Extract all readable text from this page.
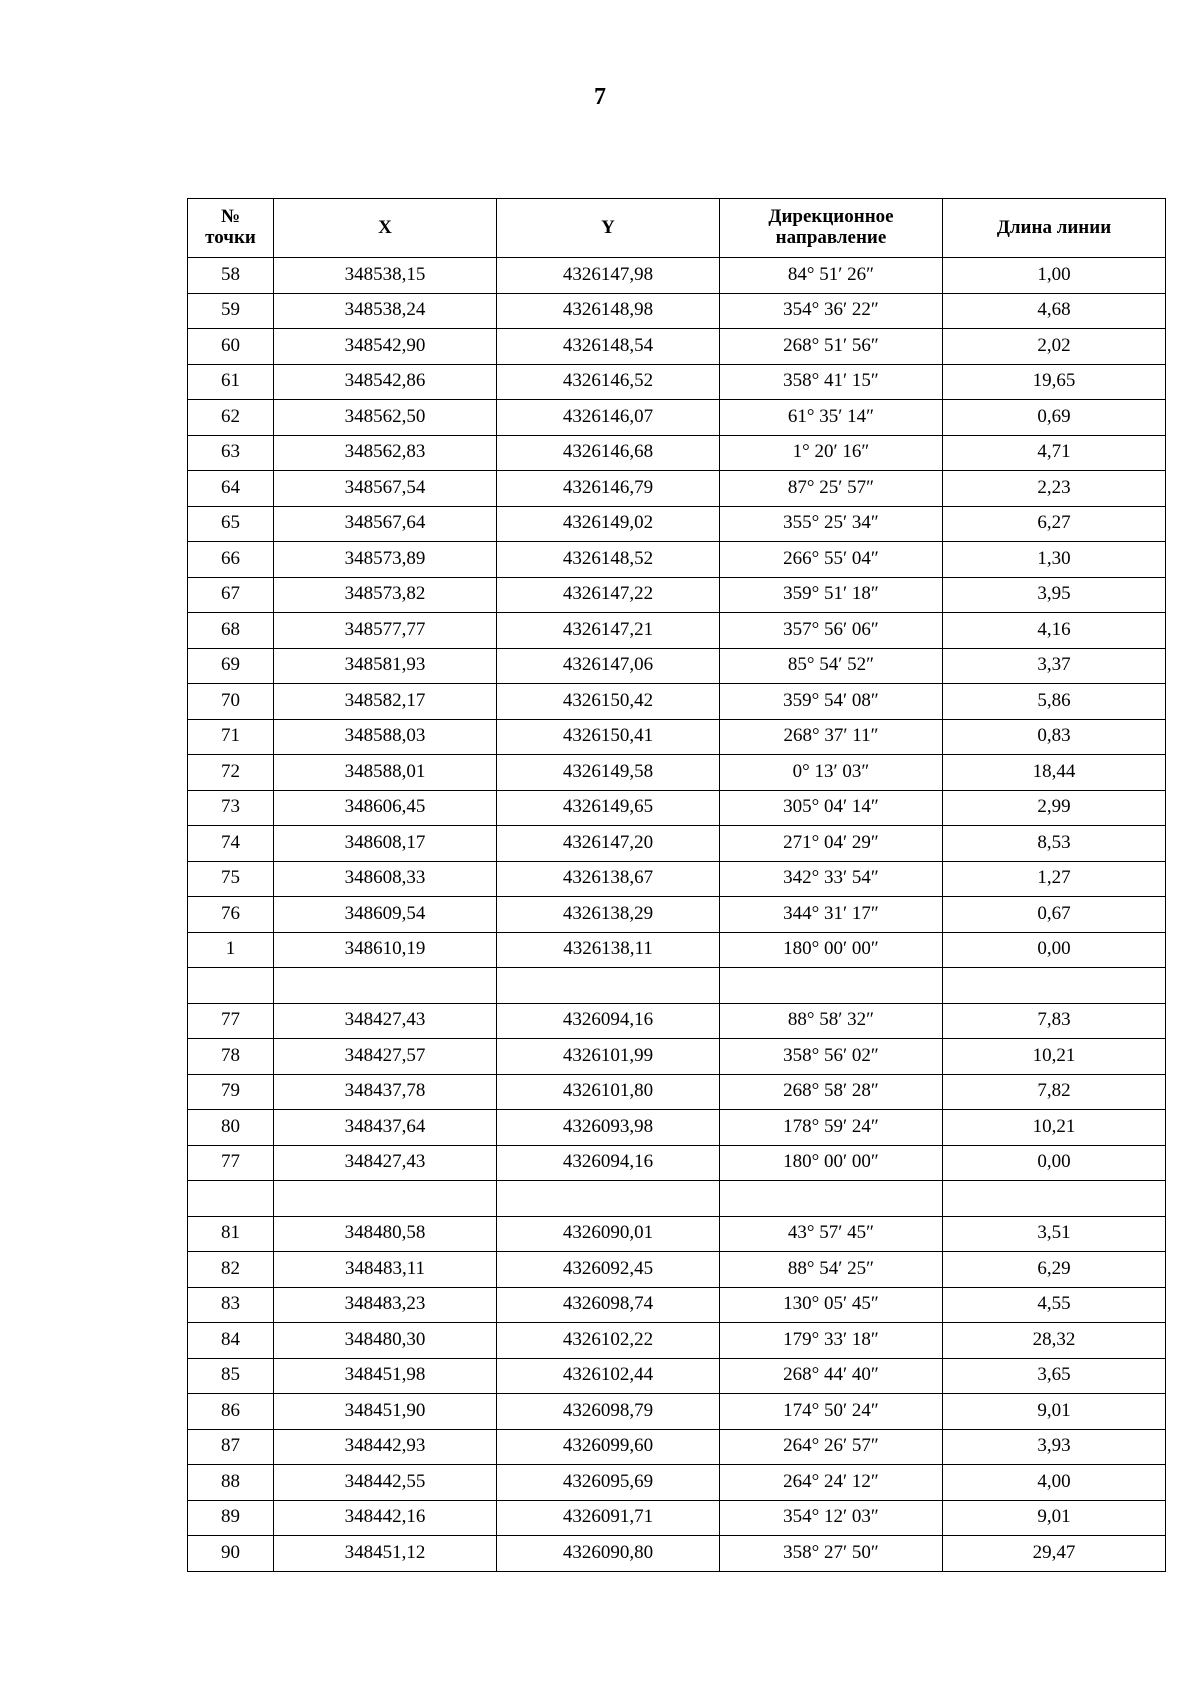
7
№ точки	X	Y	Дирекционное направление	Длина линии
58	348538,15	4326147,98	84° 51′ 26″	1,00
59	348538,24	4326148,98	354° 36′ 22″	4,68
60	348542,90	4326148,54	268° 51′ 56″	2,02
61	348542,86	4326146,52	358° 41′ 15″	19,65
62	348562,50	4326146,07	61° 35′ 14″	0,69
63	348562,83	4326146,68	1° 20′ 16″	4,71
64	348567,54	4326146,79	87° 25′ 57″	2,23
65	348567,64	4326149,02	355° 25′ 34″	6,27
66	348573,89	4326148,52	266° 55′ 04″	1,30
67	348573,82	4326147,22	359° 51′ 18″	3,95
68	348577,77	4326147,21	357° 56′ 06″	4,16
69	348581,93	4326147,06	85° 54′ 52″	3,37
70	348582,17	4326150,42	359° 54′ 08″	5,86
71	348588,03	4326150,41	268° 37′ 11″	0,83
72	348588,01	4326149,58	0° 13′ 03″	18,44
73	348606,45	4326149,65	305° 04′ 14″	2,99
74	348608,17	4326147,20	271° 04′ 29″	8,53
75	348608,33	4326138,67	342° 33′ 54″	1,27
76	348609,54	4326138,29	344° 31′ 17″	0,67
1	348610,19	4326138,11	180° 00′ 00″	0,00

77	348427,43	4326094,16	88° 58′ 32″	7,83
78	348427,57	4326101,99	358° 56′ 02″	10,21
79	348437,78	4326101,80	268° 58′ 28″	7,82
80	348437,64	4326093,98	178° 59′ 24″	10,21
77	348427,43	4326094,16	180° 00′ 00″	0,00

81	348480,58	4326090,01	43° 57′ 45″	3,51
82	348483,11	4326092,45	88° 54′ 25″	6,29
83	348483,23	4326098,74	130° 05′ 45″	4,55
84	348480,30	4326102,22	179° 33′ 18″	28,32
85	348451,98	4326102,44	268° 44′ 40″	3,65
86	348451,90	4326098,79	174° 50′ 24″	9,01
87	348442,93	4326099,60	264° 26′ 57″	3,93
88	348442,55	4326095,69	264° 24′ 12″	4,00
89	348442,16	4326091,71	354° 12′ 03″	9,01
90	348451,12	4326090,80	358° 27′ 50″	29,47
